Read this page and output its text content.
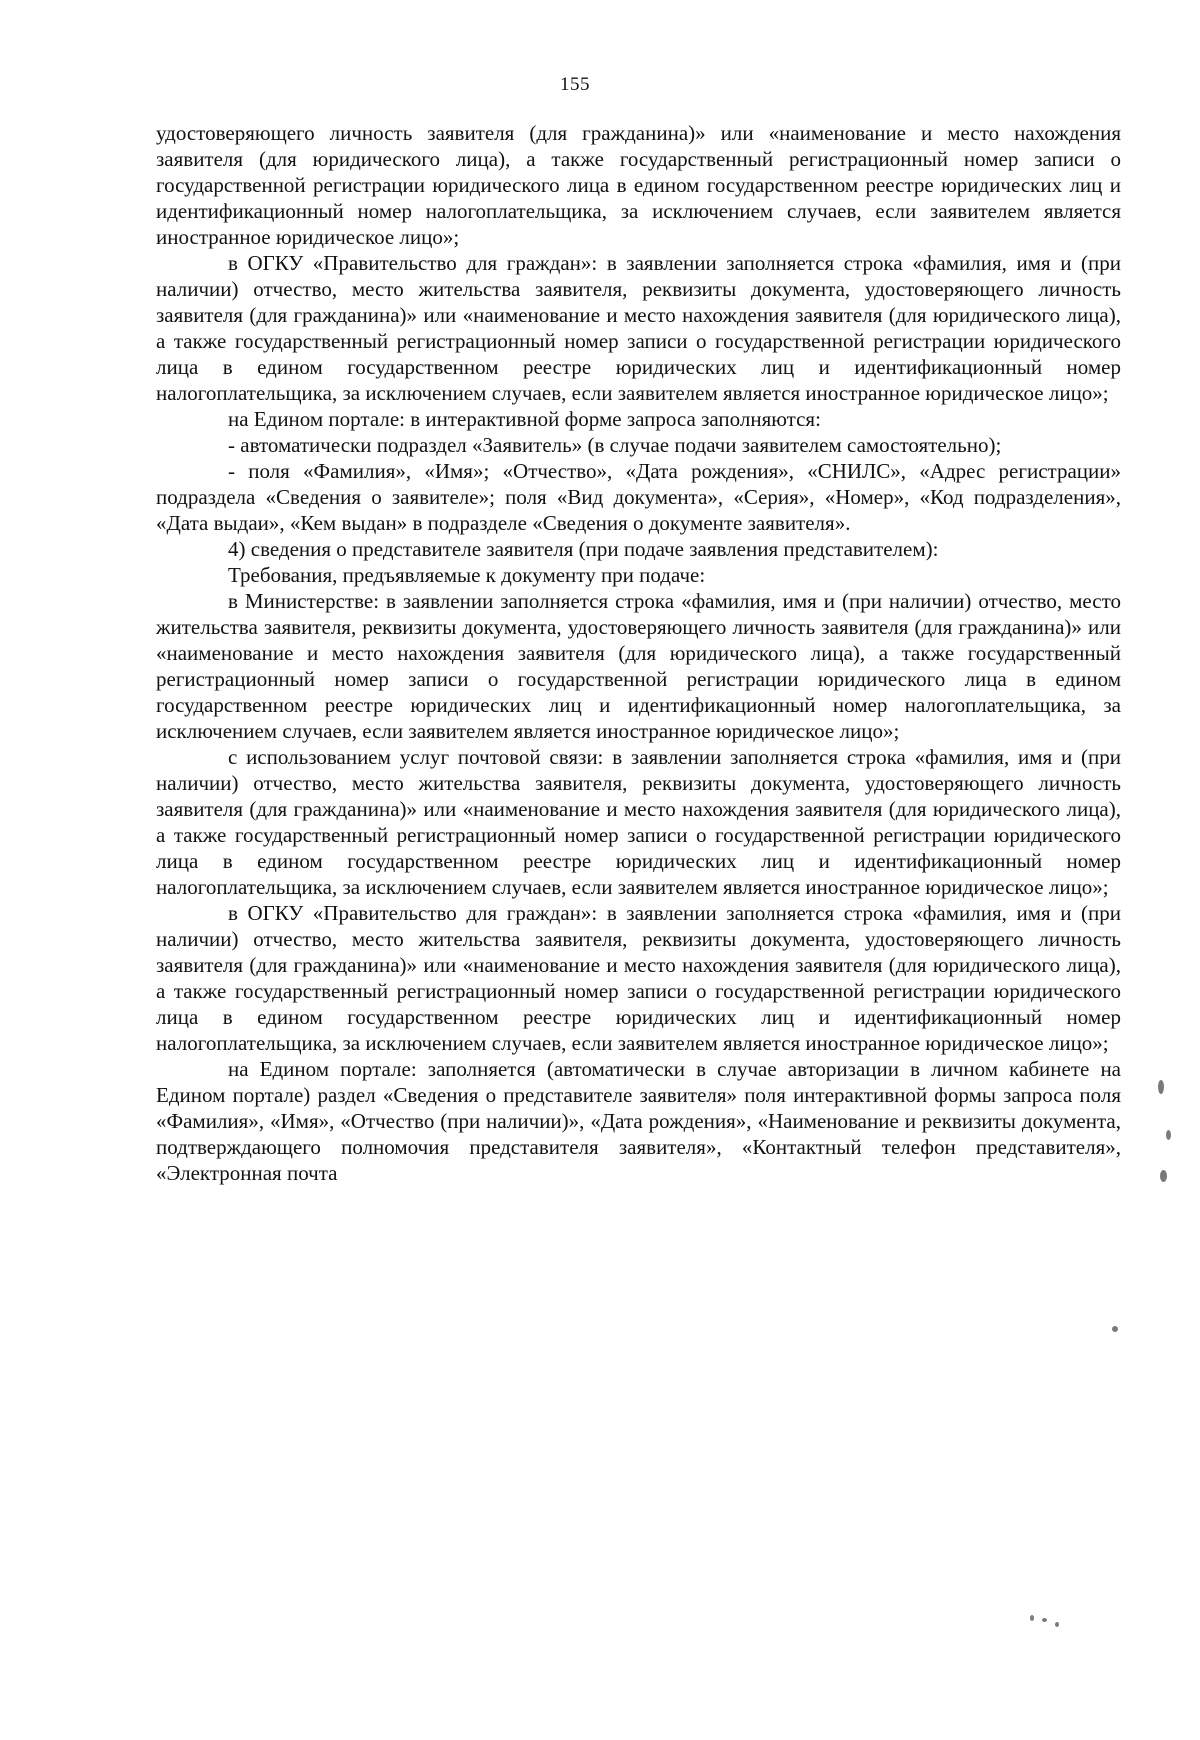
155

удостоверяющего личность заявителя (для гражданина)» или «наименование и место нахождения заявителя (для юридического лица), а также государственный регистрационный номер записи о государственной регистрации юридического лица в едином государственном реестре юридических лиц и идентификационный номер налогоплательщика, за исключением случаев, если заявителем является иностранное юридическое лицо»;

в ОГКУ «Правительство для граждан»: в заявлении заполняется строка «фамилия, имя и (при наличии) отчество, место жительства заявителя, реквизиты документа, удостоверяющего личность заявителя (для гражданина)» или «наименование и место нахождения заявителя (для юридического лица), а также государственный регистрационный номер записи о государственной регистрации юридического лица в едином государственном реестре юридических лиц и идентификационный номер налогоплательщика, за исключением случаев, если заявителем является иностранное юридическое лицо»;

на Едином портале: в интерактивной форме запроса заполняются:

- автоматически подраздел «Заявитель» (в случае подачи заявителем самостоятельно);

- поля «Фамилия», «Имя»; «Отчество», «Дата рождения», «СНИЛС», «Адрес регистрации» подраздела «Сведения о заявителе»; поля «Вид документа», «Серия», «Номер», «Код подразделения», «Дата выдаи», «Кем выдан» в подразделе «Сведения о документе заявителя».

4) сведения о представителе заявителя (при подаче заявления представителем):

Требования, предъявляемые к документу при подаче:

в Министерстве: в заявлении заполняется строка «фамилия, имя и (при наличии) отчество, место жительства заявителя, реквизиты документа, удостоверяющего личность заявителя (для гражданина)» или «наименование и место нахождения заявителя (для юридического лица), а также государственный регистрационный номер записи о государственной регистрации юридического лица в едином государственном реестре юридических лиц и идентификационный номер налогоплательщика, за исключением случаев, если заявителем является иностранное юридическое лицо»;

с использованием услуг почтовой связи: в заявлении заполняется строка «фамилия, имя и (при наличии) отчество, место жительства заявителя, реквизиты документа, удостоверяющего личность заявителя (для гражданина)» или «наименование и место нахождения заявителя (для юридического лица), а также государственный регистрационный номер записи о государственной регистрации юридического лица в едином государственном реестре юридических лиц и идентификационный номер налогоплательщика, за исключением случаев, если заявителем является иностранное юридическое лицо»;

в ОГКУ «Правительство для граждан»: в заявлении заполняется строка «фамилия, имя и (при наличии) отчество, место жительства заявителя, реквизиты документа, удостоверяющего личность заявителя (для гражданина)» или «наименование и место нахождения заявителя (для юридического лица), а также государственный регистрационный номер записи о государственной регистрации юридического лица в едином государственном реестре юридических лиц и идентификационный номер налогоплательщика, за исключением случаев, если заявителем является иностранное юридическое лицо»;

на Едином портале: заполняется (автоматически в случае авторизации в личном кабинете на Едином портале) раздел «Сведения о представителе заявителя» поля интерактивной формы запроса поля «Фамилия», «Имя», «Отчество (при наличии)», «Дата рождения», «Наименование и реквизиты документа, подтверждающего полномочия представителя заявителя», «Контактный телефон представителя», «Электронная почта
